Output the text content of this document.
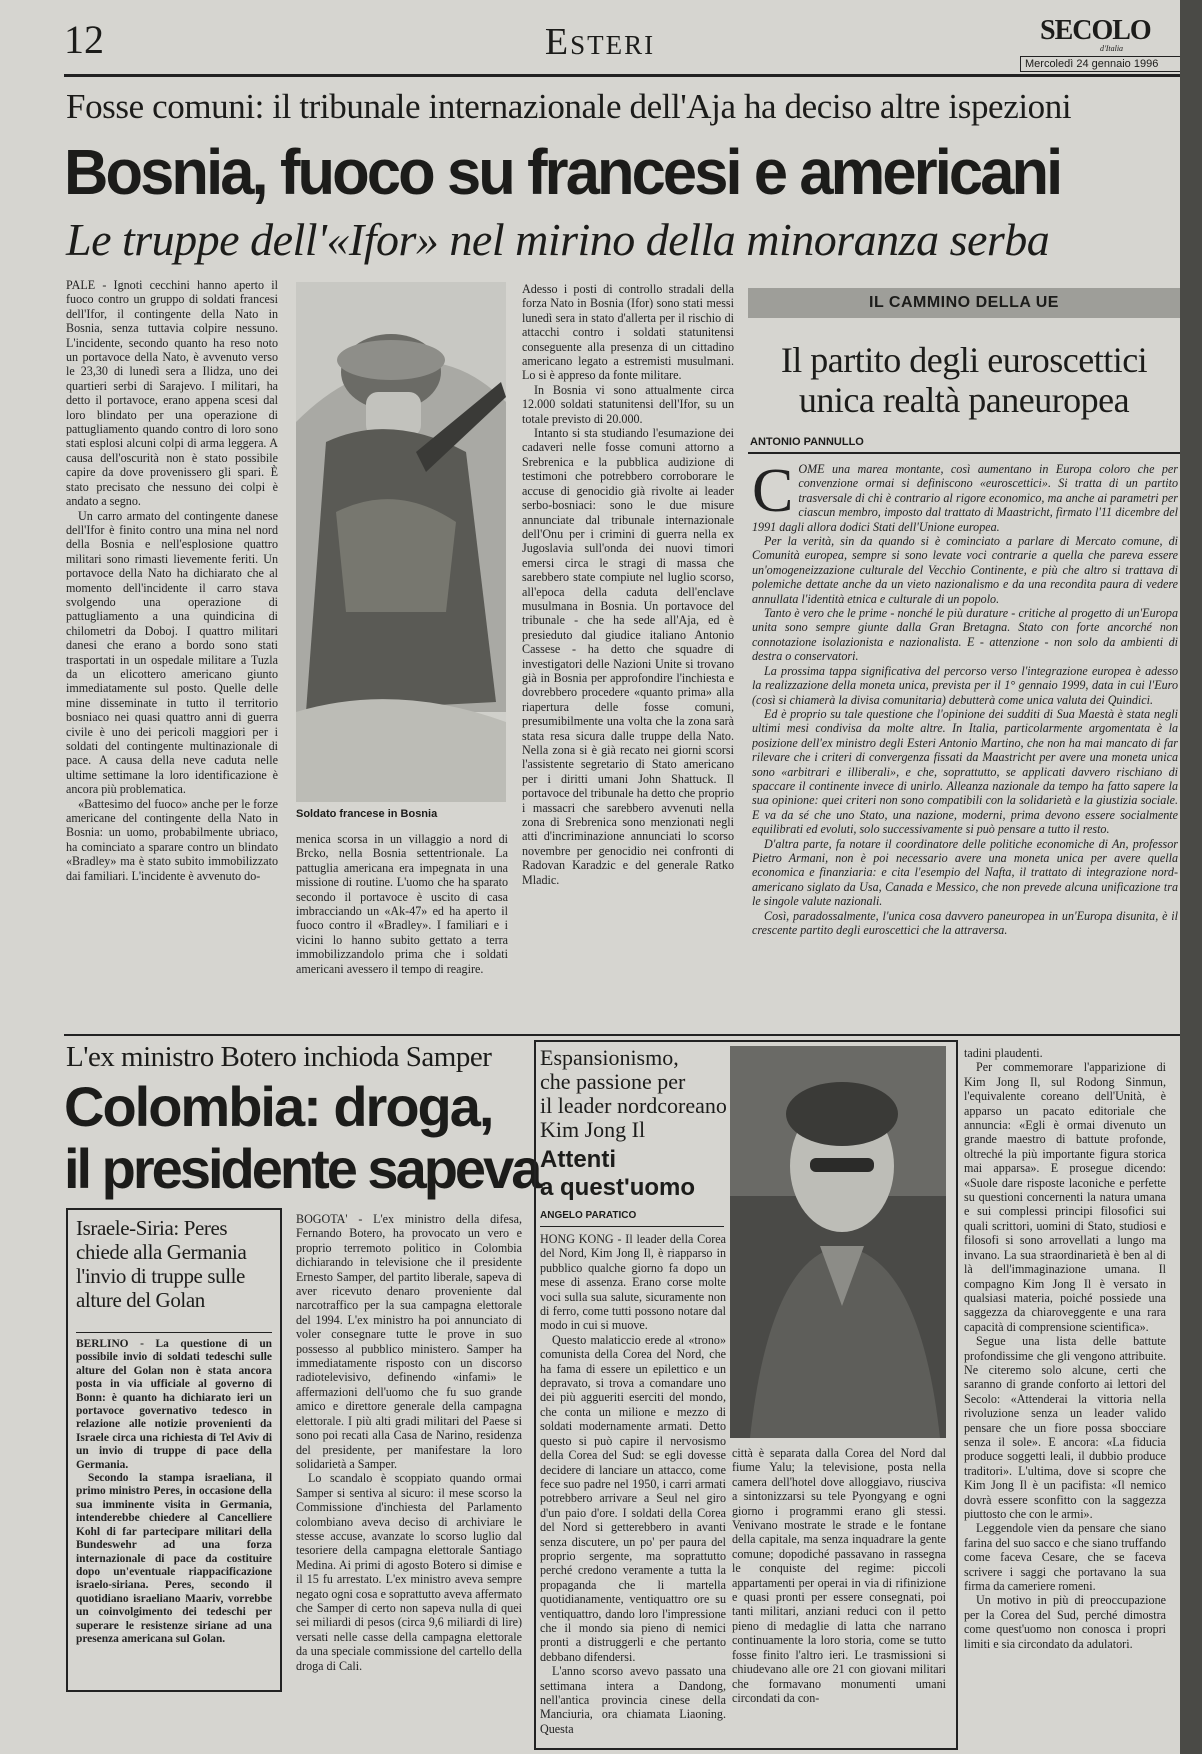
12	Esteri	SECOLO
d'Italia
Mercoledì 24 gennaio 1996
Fosse comuni: il tribunale internazionale dell'Aja ha deciso altre ispezioni
Bosnia, fuoco su francesi e americani
Le truppe dell'«Ifor» nel mirino della minoranza serba

PALE - Ignoti cecchini hanno aperto il fuoco contro un gruppo di soldati francesi dell'Ifor, il contingente della Nato in Bosnia, senza tuttavia colpire nessuno. L'incidente, secondo quanto ha reso noto un portavoce della Nato, è avvenuto verso le 23,30 di lunedì sera a Ilidza, uno dei quartieri serbi di Sarajevo. I militari, ha detto il portavoce, erano appena scesi dal loro blindato per una operazione di pattugliamento quando contro di loro sono stati esplosi alcuni colpi di arma leggera. A causa dell'oscurità non è stato possibile capire da dove provenissero gli spari. È stato precisato che nessuno dei colpi è andato a segno.

Un carro armato del contingente danese dell'Ifor è finito contro una mina nel nord della Bosnia e nell'esplosione quattro militari sono rimasti lievemente feriti. Un portavoce della Nato ha dichiarato che al momento dell'incidente il carro stava svolgendo una operazione di pattugliamento a una quindicina di chilometri da Doboj. I quattro militari danesi che erano a bordo sono stati trasportati in un ospedale militare a Tuzla da un elicottero americano giunto immediatamente sul posto. Quelle delle mine disseminate in tutto il territorio bosniaco nei quasi quattro anni di guerra civile è uno dei pericoli maggiori per i soldati del contingente multinazionale di pace. A causa della neve caduta nelle ultime settimane la loro identificazione è ancora più problematica.

«Battesimo del fuoco» anche per le forze americane del contingente della Nato in Bosnia: un uomo, probabilmente ubriaco, ha cominciato a sparare contro un blindato «Bradley» ma è stato subito immobilizzato dai familiari. L'incidente è avvenuto do-

Soldato francese in Bosnia

menica scorsa in un villaggio a nord di Brcko, nella Bosnia settentrionale. La pattuglia americana era impegnata in una missione di routine. L'uomo che ha sparato secondo il portavoce è uscito di casa imbracciando un «Ak-47» ed ha aperto il fuoco contro il «Bradley». I familiari e i vicini lo hanno subito gettato a terra immobilizzandolo prima che i soldati americani avessero il tempo di reagire.

Adesso i posti di controllo stradali della forza Nato in Bosnia (Ifor) sono stati messi lunedì sera in stato d'allerta per il rischio di attacchi contro i soldati statunitensi conseguente alla presenza di un cittadino americano legato a estremisti musulmani. Lo si è appreso da fonte militare.

In Bosnia vi sono attualmente circa 12.000 soldati statunitensi dell'Ifor, su un totale previsto di 20.000.

Intanto si sta studiando l'esumazione dei cadaveri nelle fosse comuni attorno a Srebrenica e la pubblica audizione di testimoni che potrebbero corroborare le accuse di genocidio già rivolte ai leader serbo-bosniaci: sono le due misure annunciate dal tribunale internazionale dell'Onu per i crimini di guerra nella ex Jugoslavia sull'onda dei nuovi timori emersi circa le stragi di massa che sarebbero state compiute nel luglio scorso, all'epoca della caduta dell'enclave musulmana in Bosnia. Un portavoce del tribunale - che ha sede all'Aja, ed è presieduto dal giudice italiano Antonio Cassese - ha detto che squadre di investigatori delle Nazioni Unite si trovano già in Bosnia per approfondire l'inchiesta e dovrebbero procedere «quanto prima» alla riapertura delle fosse comuni, presumibilmente una volta che la zona sarà stata resa sicura dalle truppe della Nato. Nella zona si è già recato nei giorni scorsi l'assistente segretario di Stato americano per i diritti umani John Shattuck. Il portavoce del tribunale ha detto che proprio i massacri che sarebbero avvenuti nella zona di Srebrenica sono menzionati negli atti d'incriminazione annunciati lo scorso novembre per genocidio nei confronti di Radovan Karadzic e del generale Ratko Mladic.

IL CAMMINO DELLA UE
Il partito degli euroscettici
unica realtà paneuropea
ANTONIO PANNULLO

COME una marea montante, così aumentano in Europa coloro che per convenzione ormai si definiscono «euroscettici». Si tratta di un partito trasversale di chi è contrario al rigore economico, ma anche ai parametri per ciascun membro, imposto dal trattato di Maastricht, firmato l'11 dicembre del 1991 dagli allora dodici Stati dell'Unione europea.

Per la verità, sin da quando si è cominciato a parlare di Mercato comune, di Comunità europea, sempre si sono levate voci contrarie a quella che pareva essere un'omogeneizzazione culturale del Vecchio Continente, e più che altro si trattava di polemiche dettate anche da un vieto nazionalismo e da una recondita paura di vedere annullata l'identità etnica e culturale di un popolo.

Tanto è vero che le prime - nonché le più durature - critiche al progetto di un'Europa unita sono sempre giunte dalla Gran Bretagna. Stato con forte ancorché non connotazione isolazionista e nazionalista. E - attenzione - non solo da ambienti di destra o conservatori.

La prossima tappa significativa del percorso verso l'integrazione europea è adesso la realizzazione della moneta unica, prevista per il 1° gennaio 1999, data in cui l'Euro (così si chiamerà la divisa comunitaria) debutterà come unica valuta dei Quindici.

Ed è proprio su tale questione che l'opinione dei sudditi di Sua Maestà è stata negli ultimi mesi condivisa da molte altre. In Italia, particolarmente argomentata è la posizione dell'ex ministro degli Esteri Antonio Martino, che non ha mai mancato di far rilevare che i criteri di convergenza fissati da Maastricht per avere una moneta unica sono «arbitrari e illiberali», e che, soprattutto, se applicati davvero rischiano di spaccare il continente invece di unirlo. Alleanza nazionale da tempo ha fatto sapere la sua opinione: quei criteri non sono compatibili con la solidarietà e la giustizia sociale. E va da sé che uno Stato, una nazione, moderni, prima devono essere socialmente equilibrati ed evoluti, solo successivamente si può pensare a tutto il resto.

D'altra parte, fa notare il coordinatore delle politiche economiche di An, professor Pietro Armani, non è poi necessario avere una moneta unica per avere quella economica e finanziaria: e cita l'esempio del Nafta, il trattato di integrazione nord-americano siglato da Usa, Canada e Messico, che non prevede alcuna unificazione tra le singole valute nazionali.

Così, paradossalmente, l'unica cosa davvero paneuropea in un'Europa disunita, è il crescente partito degli euroscettici che la attraversa.

L'ex ministro Botero inchioda Samper
Colombia: droga,
il presidente sapeva
Israele-Siria: Peres chiede alla Germania l'invio di truppe sulle alture del Golan

BERLINO - La questione di un possibile invio di soldati tedeschi sulle alture del Golan non è stata ancora posta in via ufficiale al governo di Bonn: è quanto ha dichiarato ieri un portavoce governativo tedesco in relazione alle notizie provenienti da Israele circa una richiesta di Tel Aviv di un invio di truppe di pace della Germania.

Secondo la stampa israeliana, il primo ministro Peres, in occasione della sua imminente visita in Germania, intenderebbe chiedere al Cancelliere Kohl di far partecipare militari della Bundeswehr ad una forza internazionale di pace da costituire dopo un'eventuale riappacificazione israelo-siriana. Peres, secondo il quotidiano israeliano Maariv, vorrebbe un coinvolgimento dei tedeschi per superare le resistenze siriane ad una presenza americana sul Golan.

BOGOTA' - L'ex ministro della difesa, Fernando Botero, ha provocato un vero e proprio terremoto politico in Colombia dichiarando in televisione che il presidente Ernesto Samper, del partito liberale, sapeva di aver ricevuto denaro proveniente dal narcotraffico per la sua campagna elettorale del 1994. L'ex ministro ha poi annunciato di voler consegnare tutte le prove in suo possesso al pubblico ministero. Samper ha immediatamente risposto con un discorso radiotelevisivo, definendo «infami» le affermazioni dell'uomo che fu suo grande amico e direttore generale della campagna elettorale. I più alti gradi militari del Paese si sono poi recati alla Casa de Narino, residenza del presidente, per manifestare la loro solidarietà a Samper.

Lo scandalo è scoppiato quando ormai Samper si sentiva al sicuro: il mese scorso la Commissione d'inchiesta del Parlamento colombiano aveva deciso di archiviare le stesse accuse, avanzate lo scorso luglio dal tesoriere della campagna elettorale Santiago Medina. Ai primi di agosto Botero si dimise e il 15 fu arrestato. L'ex ministro aveva sempre negato ogni cosa e soprattutto aveva affermato che Samper di certo non sapeva nulla di quei sei miliardi di pesos (circa 9,6 miliardi di lire) versati nelle casse della campagna elettorale da una speciale commissione del cartello della droga di Cali.

Espansionismo,
che passione per
il leader nordcoreano
Kim Jong Il
Attenti
a quest'uomo
ANGELO PARATICO

HONG KONG - Il leader della Corea del Nord, Kim Jong Il, è riapparso in pubblico qualche giorno fa dopo un mese di assenza. Erano corse molte voci sulla sua salute, sicuramente non di ferro, come tutti possono notare dal modo in cui si muove.

Questo malaticcio erede al «trono» comunista della Corea del Nord, che ha fama di essere un epilettico e un depravato, si trova a comandare uno dei più aggueriti eserciti del mondo, che conta un milione e mezzo di soldati modernamente armati. Detto questo si può capire il nervosismo della Corea del Sud: se egli dovesse decidere di lanciare un attacco, come fece suo padre nel 1950, i carri armati potrebbero arrivare a Seul nel giro d'un paio d'ore. I soldati della Corea del Nord si getterebbero in avanti senza discutere, un po' per paura del proprio sergente, ma soprattutto perché credono veramente a tutta la propaganda che li martella quotidianamente, ventiquattro ore su ventiquattro, dando loro l'impressione che il mondo sia pieno di nemici pronti a distruggerli e che pertanto debbano difendersi.

L'anno scorso avevo passato una settimana intera a Dandong, nell'antica provincia cinese della Manciuria, ora chiamata Liaoning. Questa

città è separata dalla Corea del Nord dal fiume Yalu; la televisione, posta nella camera dell'hotel dove alloggiavo, riusciva a sintonizzarsi su tele Pyongyang e ogni giorno i programmi erano gli stessi. Venivano mostrate le strade e le fontane della capitale, ma senza inquadrare la gente comune; dopodiché passavano in rassegna le conquiste del regime: piccoli appartamenti per operai in via di rifinizione e quasi pronti per essere consegnati, poi tanti militari, anziani reduci con il petto pieno di medaglie di latta che narrano continuamente la loro storia, come se tutto fosse finito l'altro ieri. Le trasmissioni si chiudevano alle ore 21 con giovani militari che formavano monumenti umani circondati da con-

tadini plaudenti.

Per commemorare l'apparizione di Kim Jong Il, sul Rodong Sinmun, l'equivalente coreano dell'Unità, è apparso un pacato editoriale che annuncia: «Egli è ormai divenuto un grande maestro di battute profonde, oltreché la più importante figura storica mai apparsa». E prosegue dicendo: «Suole dare risposte laconiche e perfette su questioni concernenti la natura umana e sui complessi principi filosofici sui quali scrittori, uomini di Stato, studiosi e filosofi si sono arrovellati a lungo ma invano. La sua straordinarietà è ben al di là dell'immaginazione umana. Il compagno Kim Jong Il è versato in qualsiasi materia, poiché possiede una saggezza da chiaroveggente e una rara capacità di comprensione scientifica».

Segue una lista delle battute profondissime che gli vengono attribuite. Ne citeremo solo alcune, certi che saranno di grande conforto ai lettori del Secolo: «Attenderai la vittoria nella rivoluzione senza un leader valido pensare che un fiore possa sbocciare senza il sole». E ancora: «La fiducia produce soggetti leali, il dubbio produce traditori». L'ultima, dove si scopre che Kim Jong Il è un pacifista: «Il nemico dovrà essere sconfitto con la saggezza piuttosto che con le armi».

Leggendole vien da pensare che siano farina del suo sacco e che siano truffando come faceva Cesare, che se faceva scrivere i saggi che portavano la sua firma da cameriere romeni.

Un motivo in più di preoccupazione per la Corea del Sud, perché dimostra come quest'uomo non conosca i propri limiti e sia circondato da adulatori.
